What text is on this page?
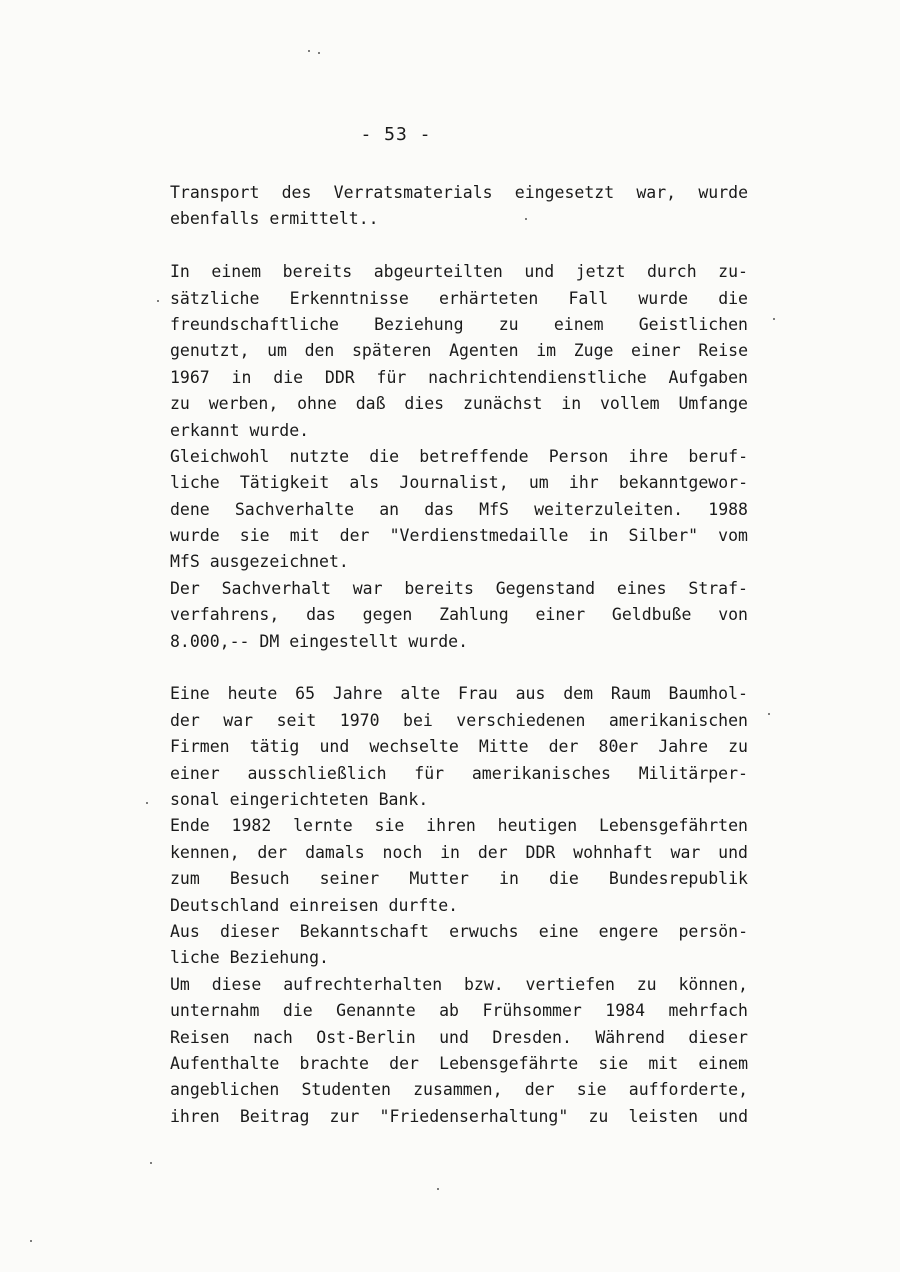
- 53 -
Transport des Verratsmaterials eingesetzt war, wurde
ebenfalls ermittelt..
In einem bereits abgeurteilten und jetzt durch zu-
sätzliche Erkenntnisse erhärteten Fall wurde die
freundschaftliche Beziehung zu einem Geistlichen
genutzt, um den späteren Agenten im Zuge einer Reise
1967 in die DDR für nachrichtendienstliche Aufgaben
zu werben, ohne daß dies zunächst in vollem Umfange
erkannt wurde.
Gleichwohl nutzte die betreffende Person ihre beruf-
liche Tätigkeit als Journalist, um ihr bekanntgewor-
dene Sachverhalte an das MfS weiterzuleiten. 1988
wurde sie mit der "Verdienstmedaille in Silber" vom
MfS ausgezeichnet.
Der Sachverhalt war bereits Gegenstand eines Straf-
verfahrens, das gegen Zahlung einer Geldbuße von
8.000,-- DM eingestellt wurde.
Eine heute 65 Jahre alte Frau aus dem Raum Baumhol-
der war seit 1970 bei verschiedenen amerikanischen
Firmen tätig und wechselte Mitte der 80er Jahre zu
einer ausschließlich für amerikanisches Militärper-
sonal eingerichteten Bank.
Ende 1982 lernte sie ihren heutigen Lebensgefährten
kennen, der damals noch in der DDR wohnhaft war und
zum Besuch seiner Mutter in die Bundesrepublik
Deutschland einreisen durfte.
Aus dieser Bekanntschaft erwuchs eine engere persön-
liche Beziehung.
Um diese aufrechterhalten bzw. vertiefen zu können,
unternahm die Genannte ab Frühsommer 1984 mehrfach
Reisen nach Ost-Berlin und Dresden. Während dieser
Aufenthalte brachte der Lebensgefährte sie mit einem
angeblichen Studenten zusammen, der sie aufforderte,
ihren Beitrag zur "Friedenserhaltung" zu leisten und
